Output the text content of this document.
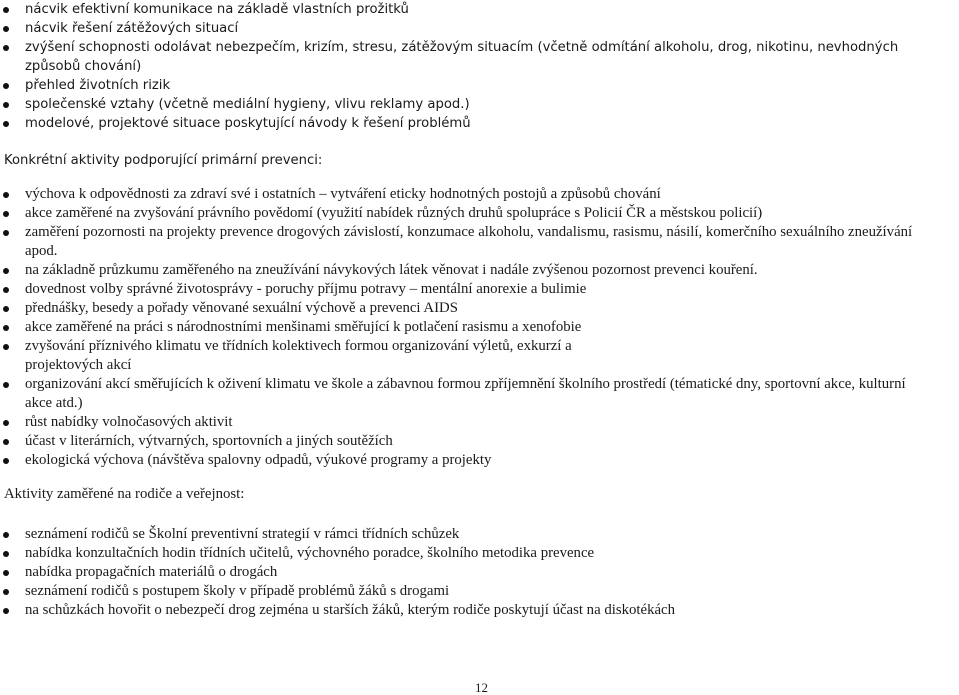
nácvik efektivní komunikace na základě vlastních prožitků
nácvik řešení zátěžových situací
zvýšení schopnosti odolávat nebezpečím, krizím, stresu, zátěžovým situacím (včetně odmítání alkoholu, drog, nikotinu, nevhodných způsobů chování)
přehled životních rizik
společenské vztahy (včetně mediální hygieny, vlivu reklamy apod.)
modelové, projektové situace poskytující návody k řešení problémů
Konkrétní aktivity podporující primární prevenci:
výchova k odpovědnosti za zdraví své i ostatních – vytváření eticky hodnotných postojů a způsobů chování
akce zaměřené na zvyšování právního povědomí (využití nabídek různých druhů spolupráce s Policií ČR a městskou policií)
zaměření pozornosti na projekty prevence drogových závislostí, konzumace alkoholu, vandalismu, rasismu, násilí, komerčního sexuálního zneužívání apod.
na základně průzkumu zaměřeného na zneužívání návykových látek věnovat i nadále zvýšenou pozornost prevenci kouření.
dovednost volby správné životosprávy - poruchy příjmu potravy – mentální anorexie a bulimie
přednášky, besedy a pořady věnované sexuální výchově a prevenci AIDS
akce zaměřené na práci s národnostními menšinami směřující k potlačení rasismu a xenofobie
zvyšování příznivého klimatu ve třídních kolektivech formou organizování výletů, exkurzí a projektových akcí
organizování akcí směřujících k oživení klimatu ve škole a zábavnou formou zpříjemnění školního prostředí (tématické dny, sportovní akce, kulturní akce atd.)
růst nabídky volnočasových aktivit
účast v literárních, výtvarných, sportovních a jiných soutěžích
ekologická výchova (návštěva spalovny odpadů, výukové programy a projekty
Aktivity zaměřené na rodiče a veřejnost:
seznámení rodičů se Školní preventivní strategií v rámci třídních schůzek
nabídka konzultačních hodin třídních učitelů, výchovného poradce, školního metodika prevence
nabídka propagačních materiálů o drogách
seznámení rodičů s postupem školy v případě problémů žáků s drogami
na schůzkách hovořit o nebezpečí drog zejména u starších žáků, kterým rodiče poskytují účast na diskotékách
12
